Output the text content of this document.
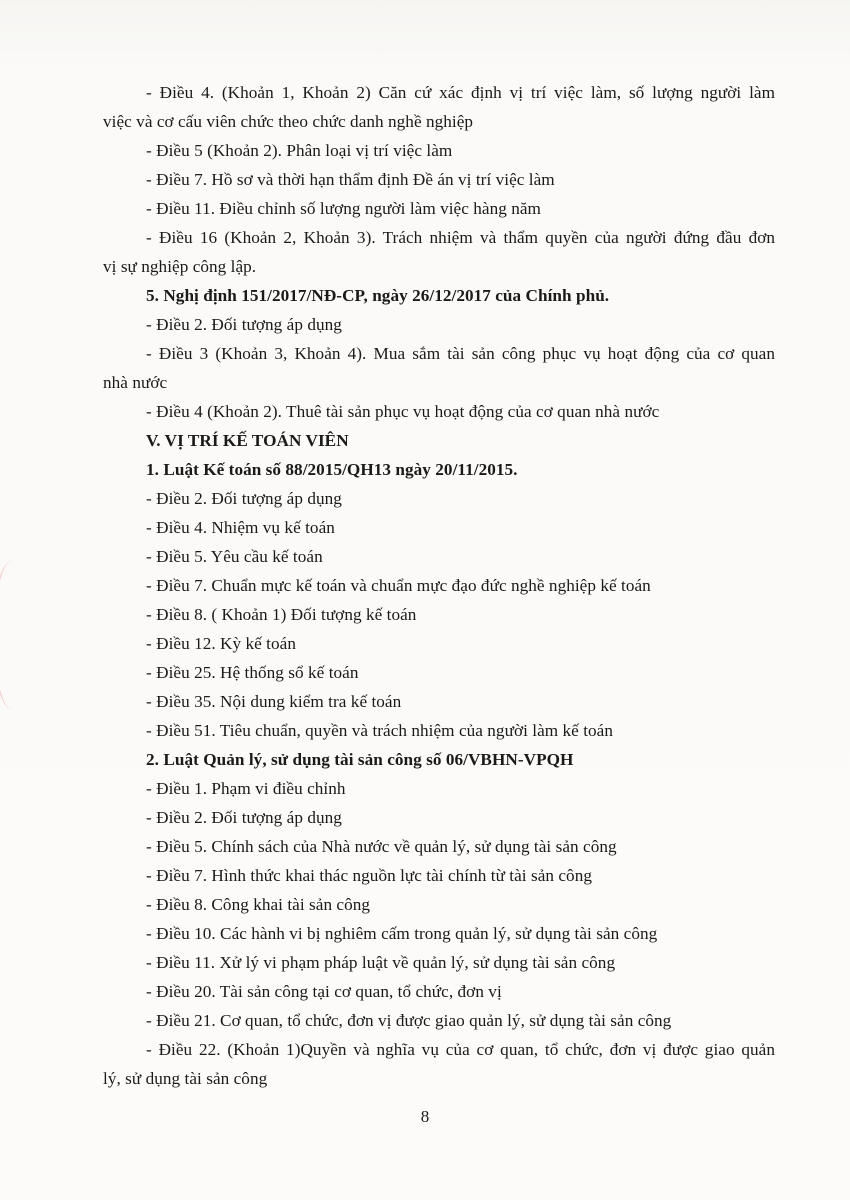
- Điều 4. (Khoản 1, Khoản 2) Căn cứ xác định vị trí việc làm, số lượng người làm
việc và cơ cấu viên chức theo chức danh nghề nghiệp
- Điều 5 (Khoản 2). Phân loại vị trí việc làm
- Điều 7. Hồ sơ và thời hạn thẩm định Đề án vị trí việc làm
- Điều 11. Điều chỉnh số lượng người làm việc hàng năm
- Điều 16 (Khoản 2, Khoản 3). Trách nhiệm và thẩm quyền của người đứng đầu đơn
vị sự nghiệp công lập.
5. Nghị định 151/2017/NĐ-CP, ngày 26/12/2017 của Chính phủ.
- Điều 2. Đối tượng áp dụng
- Điều 3 (Khoản 3, Khoản 4). Mua sắm tài sản công phục vụ hoạt động của cơ quan
nhà nước
- Điều 4 (Khoản 2). Thuê tài sản phục vụ hoạt động của cơ quan nhà nước
V. VỊ TRÍ KẾ TOÁN VIÊN
1. Luật Kế toán số 88/2015/QH13 ngày 20/11/2015.
- Điều 2. Đối tượng áp dụng
- Điều 4. Nhiệm vụ kế toán
- Điều 5. Yêu cầu kế toán
- Điều 7. Chuẩn mực kế toán và chuẩn mực đạo đức nghề nghiệp kế toán
- Điều 8. ( Khoản 1) Đối tượng kế toán
- Điều 12. Kỳ kế toán
- Điều 25. Hệ thống sổ kế toán
- Điều 35. Nội dung kiểm tra kế toán
- Điều 51. Tiêu chuẩn, quyền và trách nhiệm của người làm kế toán
2. Luật Quản lý, sử dụng tài sản công số 06/VBHN-VPQH
- Điều 1. Phạm vi điều chỉnh
- Điều 2. Đối tượng áp dụng
- Điều 5. Chính sách của Nhà nước về quản lý, sử dụng tài sản công
- Điều 7. Hình thức khai thác nguồn lực tài chính từ tài sản công
- Điều 8. Công khai tài sản công
- Điều 10. Các hành vi bị nghiêm cấm trong quản lý, sử dụng tài sản công
- Điều 11. Xử lý vi phạm pháp luật về quản lý, sử dụng tài sản công
- Điều 20. Tài sản công tại cơ quan, tổ chức, đơn vị
- Điều 21. Cơ quan, tổ chức, đơn vị được giao quản lý, sử dụng tài sản công
- Điều 22. (Khoản 1)Quyền và nghĩa vụ của cơ quan, tổ chức, đơn vị được giao quản
lý, sử dụng tài sản công
8
